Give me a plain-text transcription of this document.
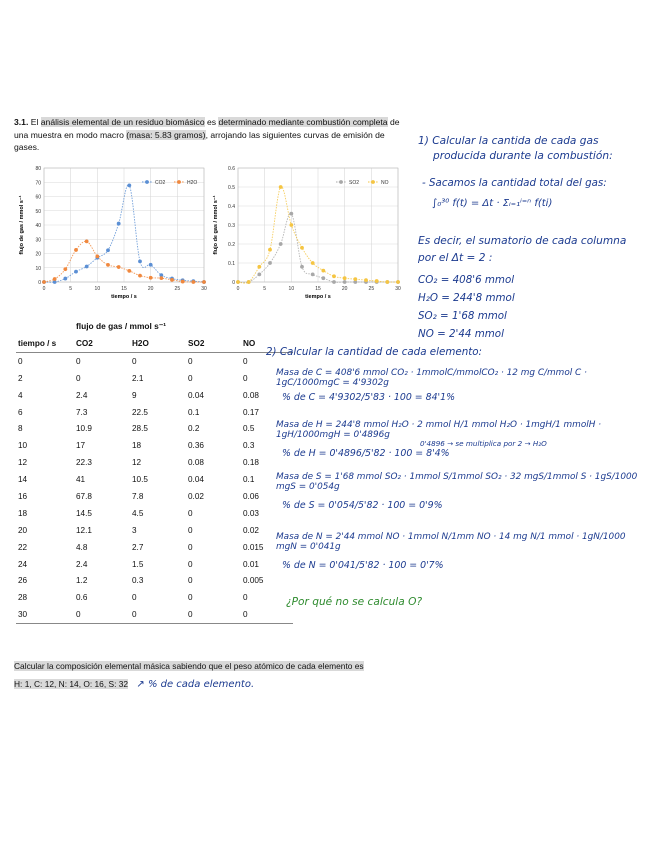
3.1. El análisis elemental de un residuo biomásico es determinado mediante combustión completa de una muestra en modo macro (masa: 5.83 gramos), arrojando las siguientes curvas de emisión de gases.
0
10
20
30
40
50
60
70
80
0	5	10	15	20	25	30
tiempo / s
flujo de gas / mmol s⁻¹
CO2	H2O
0
0.1
0.2
0.3
0.4
0.5
0.6
0	5	10	15	20	25	30
tiempo / s
flujo de gas / mmol s⁻¹
SO2	NO
flujo de gas / mmol s⁻¹
tiempo / s	CO2	H2O	SO2	NO
0	0	0	0	0
2	0	2.1	0	0
4	2.4	9	0.04	0.08
6	7.3	22.5	0.1	0.17
8	10.9	28.5	0.2	0.5
10	17	18	0.36	0.3
12	22.3	12	0.08	0.18
14	41	10.5	0.04	0.1
16	67.8	7.8	0.02	0.06
18	14.5	4.5	0	0.03
20	12.1	3	0	0.02
22	4.8	2.7	0	0.015
24	2.4	1.5	0	0.01
26	1.2	0.3	0	0.005
28	0.6	0	0	0
30	0	0	0	0
Calcular la composición elemental másica sabiendo que el peso atómico de cada elemento es
H: 1, C: 12, N: 14, O: 16, S: 32 ↗ % de cada elemento.
1) Calcular la cantida de cada gas
producida durante la combustión:
- Sacamos la cantidad total del gas:
∫₀³⁰ f(t) = Δt · Σᵢ₌₁ⁱ⁼ⁿ f(ti)
Es decir, el sumatorio de cada columna
por el Δt = 2 :
CO₂ = 408'6 mmol
H₂O = 244'8 mmol
SO₂ = 1'68 mmol
NO = 2'44 mmol
2) Calcular la cantidad de cada elemento:
Masa de C = 408'6 mmol CO₂ · 1mmolC/mmolCO₂ · 12 mg C/mmol C · 1gC/1000mgC = 4'9302g
% de C = 4'9302/5'83 · 100 = 84'1%
Masa de H = 244'8 mmol H₂O · 2 mmol H/1 mmol H₂O · 1mgH/1 mmolH · 1gH/1000mgH = 0'4896g
% de H = 0'4896/5'82 · 100 = 8'4%
0'4896 → se multiplica por 2 → H₂O
Masa de S = 1'68 mmol SO₂ · 1mmol S/1mmol SO₂ · 32 mgS/1mmol S · 1gS/1000 mgS = 0'054g
% de S = 0'054/5'82 · 100 = 0'9%
Masa de N = 2'44 mmol NO · 1mmol N/1mm NO · 14 mg N/1 mmol · 1gN/1000 mgN = 0'041g
% de N = 0'041/5'82 · 100 = 0'7%
¿Por qué no se calcula O?
